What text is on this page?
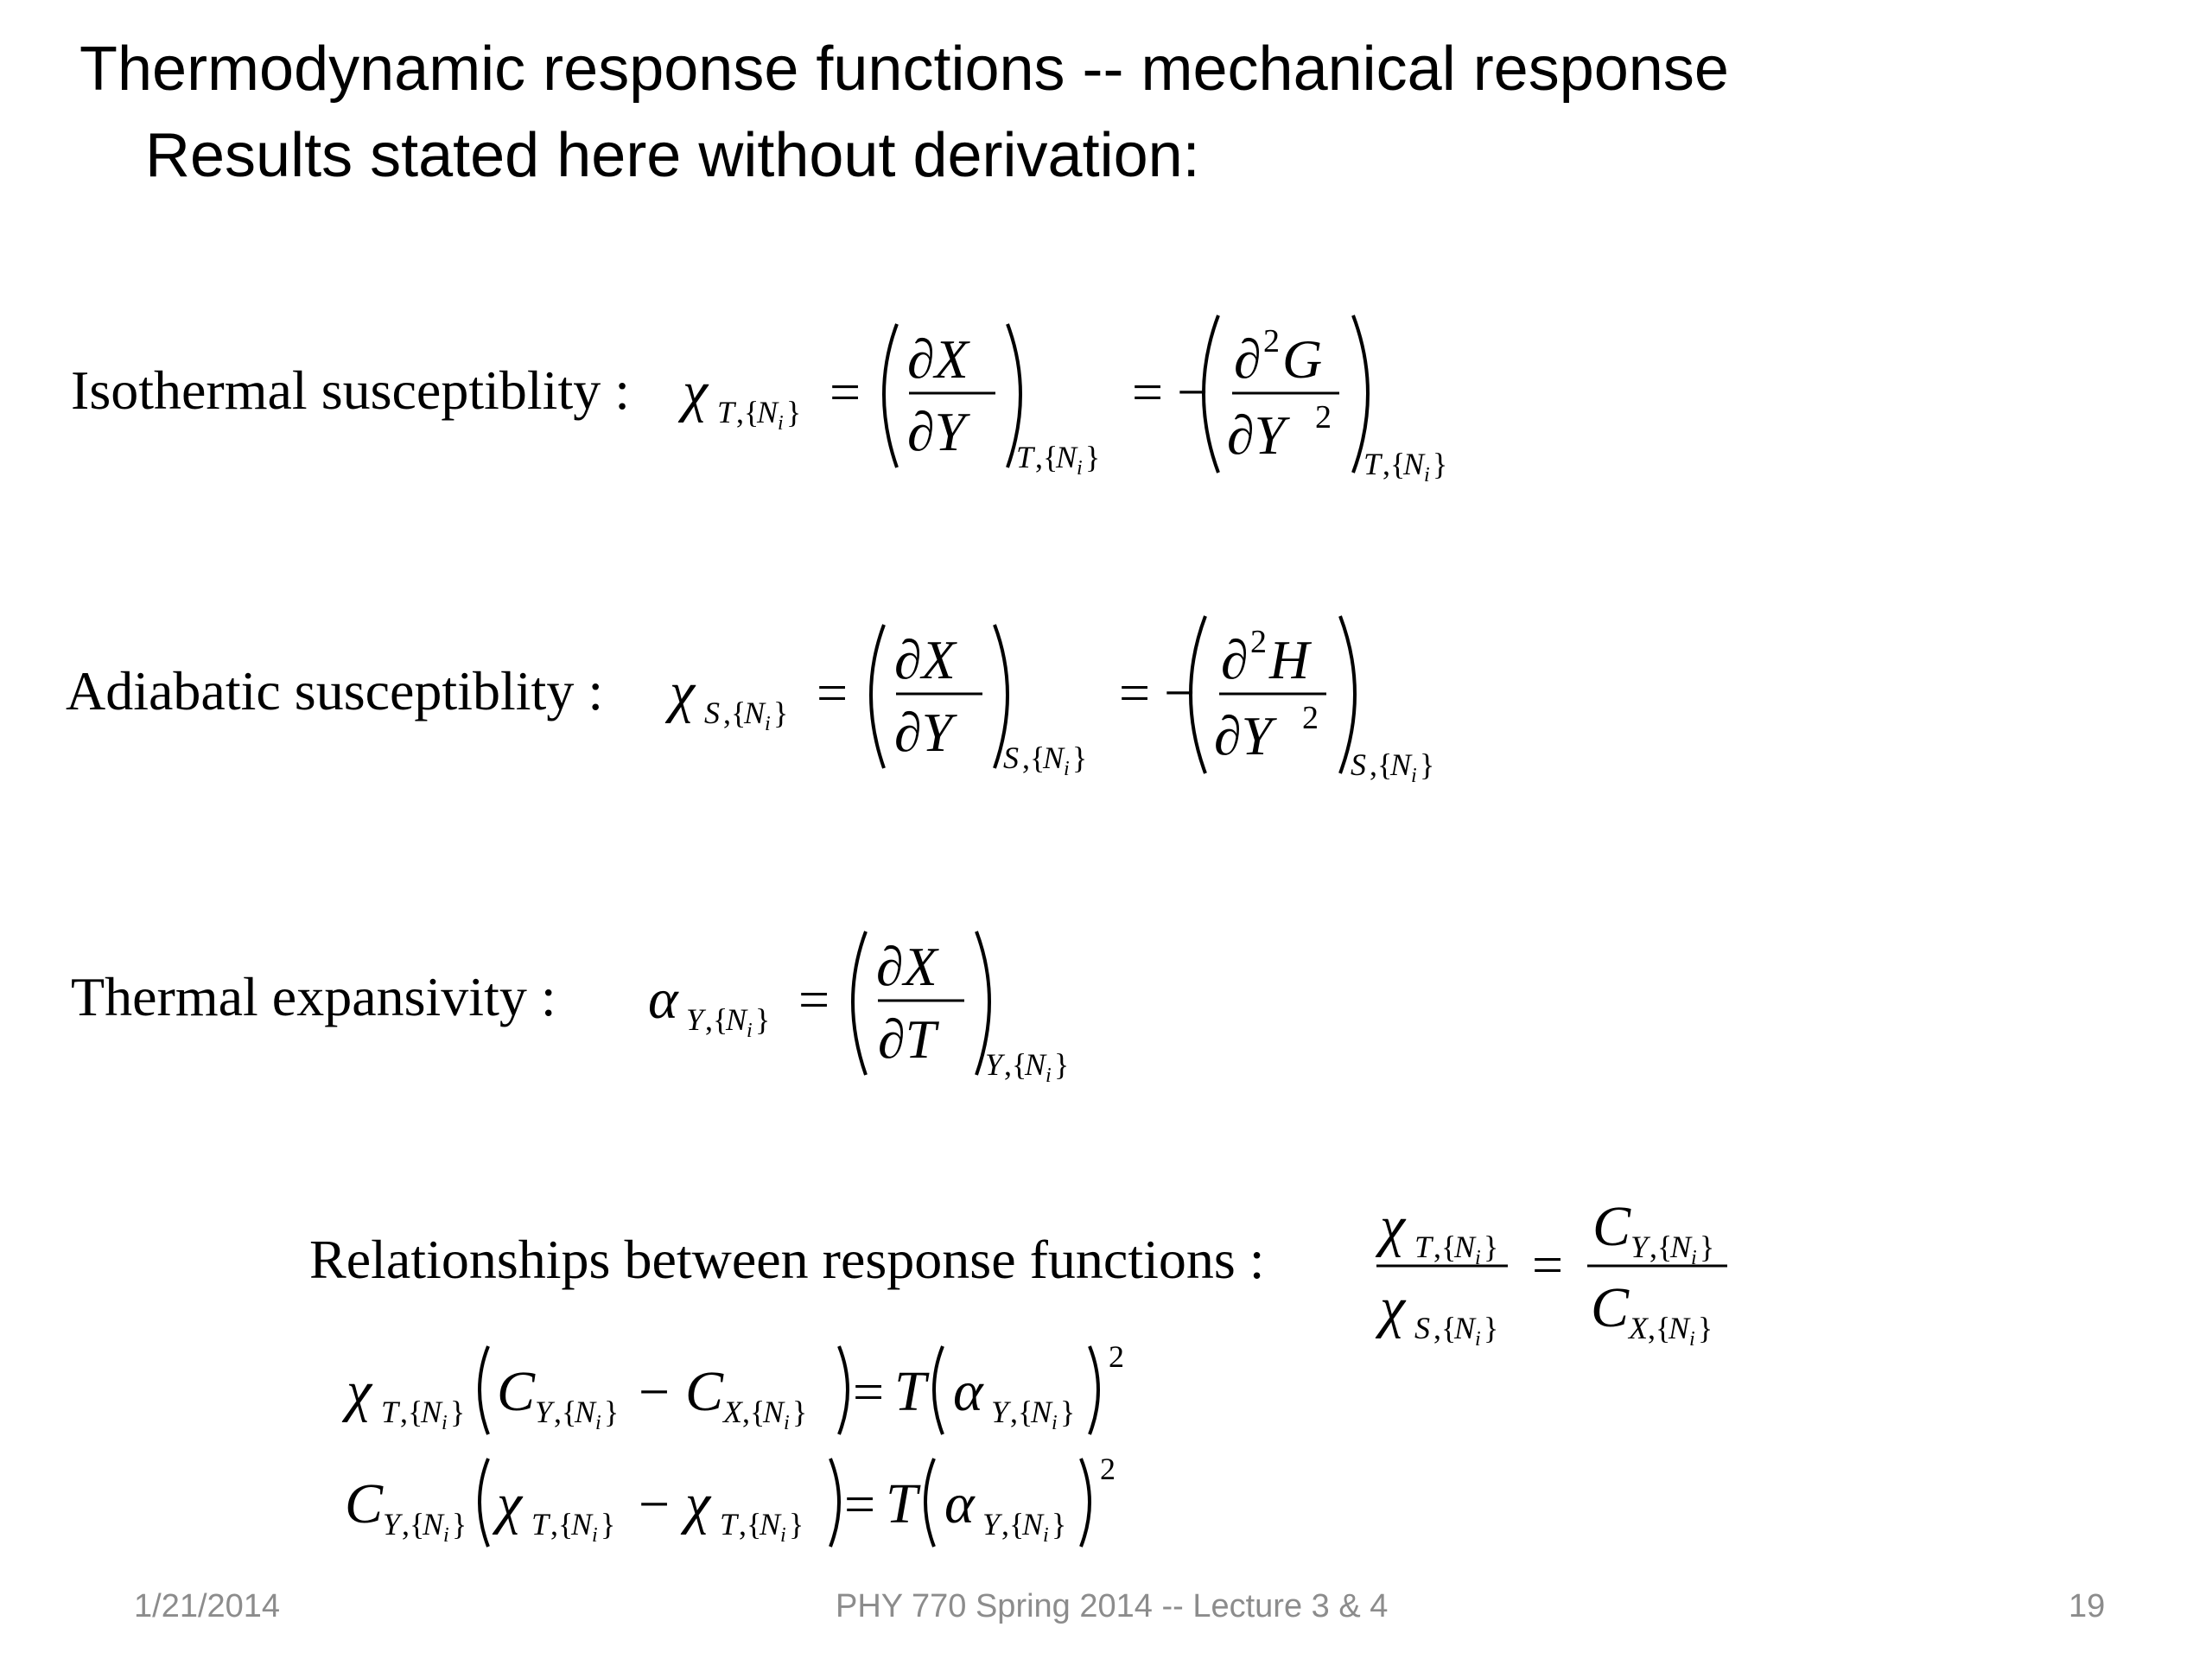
Thermodynamic response functions -- mechanical response
Results stated here without derivation:
Isothermal susceptiblity : χ T ,{
N i } =
∂X
∂Y T ,{
N i }
= −
∂ 2 G
∂Y 2
T ,{
N i }
Adiabatic susceptiblity : χ S ,{
N i } =
∂X
∂Y S ,{
N i }
= −
∂ 2 H
∂Y 2
S ,{
N i }
Thermal expansivity : α Y ,{
N i } =
∂X
∂T Y ,{
N i }
Relationships between response functions :
χ T ,{
N i }
χ S ,{
N i }
=
C Y ,{
N i }
C X ,{
N i }
χ T ,{
N i } C Y ,{
N i } − C X ,{
N i } = T α Y ,{
N i }
2
C Y ,{
N i } χ T ,{
N i } − χ T ,{
N i } = T α Y ,{
N i }
2
1/21/2014	PHY 770 Spring 2014 -- Lecture 3 & 4	19
